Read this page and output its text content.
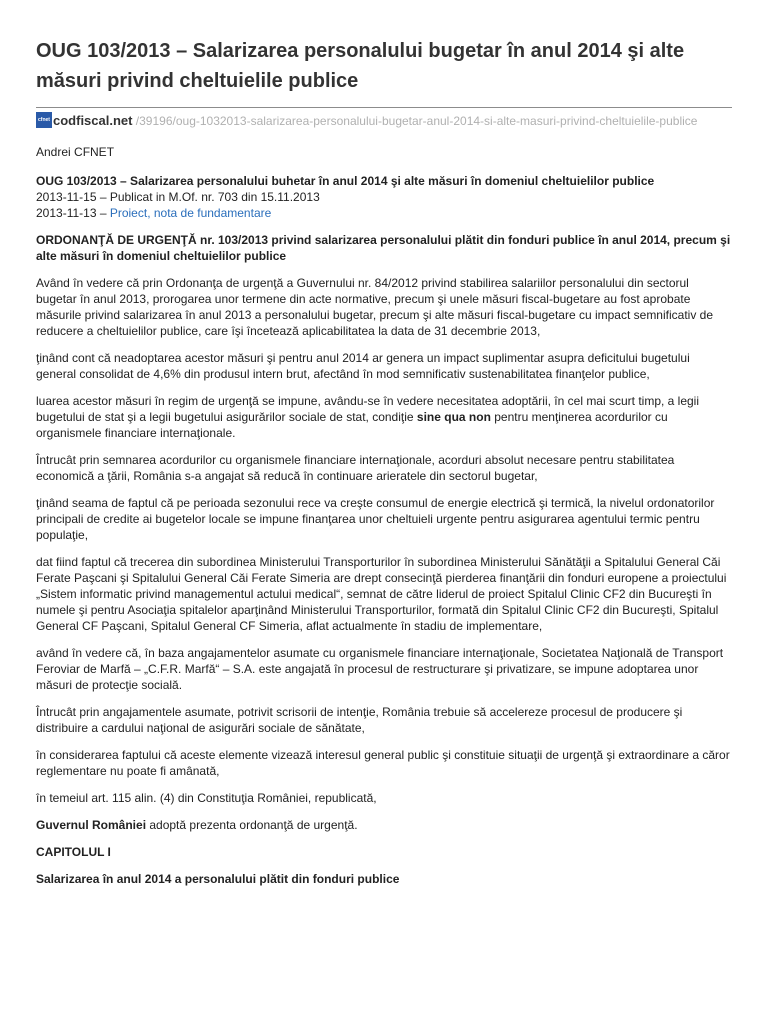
OUG 103/2013 – Salarizarea personalului bugetar în anul 2014 şi alte măsuri privind cheltuielile publice
cfnet codfiscal.net /39196/oug-1032013-salarizarea-personalului-bugetar-anul-2014-si-alte-masuri-privind-cheltuielile-publice

Andrei CFNET

OUG 103/2013 – Salarizarea personalului buhetar în anul 2014 şi alte măsuri în domeniul cheltuielilor publice
2013-11-15 – Publicat in M.Of. nr. 703 din 15.11.2013
2013-11-13 – Proiect, nota de fundamentare

ORDONANŢĂ DE URGENŢĂ nr. 103/2013 privind salarizarea personalului plătit din fonduri publice în anul 2014, precum şi alte măsuri în domeniul cheltuielilor publice

Având în vedere că prin Ordonanţa de urgenţă a Guvernului nr. 84/2012 privind stabilirea salariilor personalului din sectorul bugetar în anul 2013, prorogarea unor termene din acte normative, precum şi unele măsuri fiscal-bugetare au fost aprobate măsurile privind salarizarea în anul 2013 a personalului bugetar, precum şi alte măsuri fiscal-bugetare cu impact semnificativ de reducere a cheltuielilor publice, care îşi încetează aplicabilitatea la data de 31 decembrie 2013,

ţinând cont că neadoptarea acestor măsuri şi pentru anul 2014 ar genera un impact suplimentar asupra deficitului bugetului general consolidat de 4,6% din produsul intern brut, afectând în mod semnificativ sustenabilitatea finanţelor publice,

luarea acestor măsuri în regim de urgenţă se impune, avându-se în vedere necesitatea adoptării, în cel mai scurt timp, a legii bugetului de stat şi a legii bugetului asigurărilor sociale de stat, condiţie sine qua non pentru menţinerea acordurilor cu organismele financiare internaţionale.

Întrucât prin semnarea acordurilor cu organismele financiare internaţionale, acorduri absolut necesare pentru stabilitatea economică a ţării, România s-a angajat să reducă în continuare arieratele din sectorul bugetar,

ţinând seama de faptul că pe perioada sezonului rece va creşte consumul de energie electrică şi termică, la nivelul ordonatorilor principali de credite ai bugetelor locale se impune finanţarea unor cheltuieli urgente pentru asigurarea agentului termic pentru populaţie,

dat fiind faptul că trecerea din subordinea Ministerului Transporturilor în subordinea Ministerului Sănătăţii a Spitalului General Căi Ferate Paşcani şi Spitalului General Căi Ferate Simeria are drept consecinţă pierderea finanţării din fonduri europene a proiectului „Sistem informatic privind managementul actului medical“, semnat de către liderul de proiect Spitalul Clinic CF2 din Bucureşti în numele şi pentru Asociaţia spitalelor aparţinând Ministerului Transporturilor, formată din Spitalul Clinic CF2 din Bucureşti, Spitalul General CF Paşcani, Spitalul General CF Simeria, aflat actualmente în stadiu de implementare,

având în vedere că, în baza angajamentelor asumate cu organismele financiare internaţionale, Societatea Naţională de Transport Feroviar de Marfă – „C.F.R. Marfă“ – S.A. este angajată în procesul de restructurare şi privatizare, se impune adoptarea unor măsuri de protecţie socială.

Întrucât prin angajamentele asumate, potrivit scrisorii de intenţie, România trebuie să accelereze procesul de producere şi distribuire a cardului naţional de asigurări sociale de sănătate,

în considerarea faptului că aceste elemente vizează interesul general public şi constituie situaţii de urgenţă şi extraordinare a căror reglementare nu poate fi amânată,

în temeiul art. 115 alin. (4) din Constituţia României, republicată,

Guvernul României adoptă prezenta ordonanţă de urgenţă.

CAPITOLUL I

Salarizarea în anul 2014 a personalului plătit din fonduri publice
